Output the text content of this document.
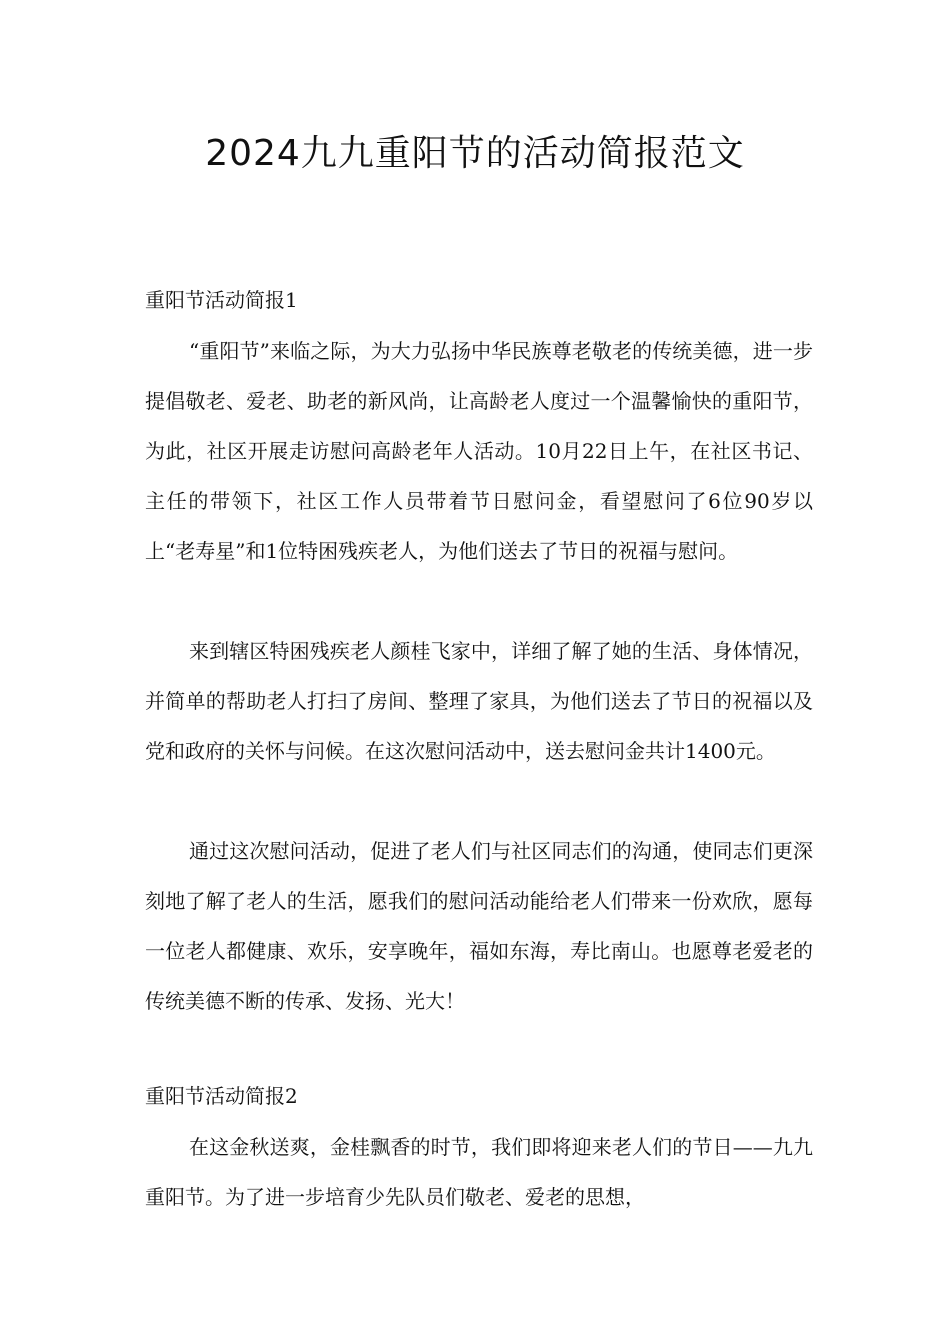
2024九九重阳节的活动简报范文
重阳节活动简报1

“重阳节”来临之际，为大力弘扬中华民族尊老敬老的传统美德，进一步提倡敬老、爱老、助老的新风尚，让高龄老人度过一个温馨愉快的重阳节，为此，社区开展走访慰问高龄老年人活动。10月22日上午，在社区书记、主任的带领下，社区工作人员带着节日慰问金，看望慰问了6位90岁以上“老寿星”和1位特困残疾老人，为他们送去了节日的祝福与慰问。

来到辖区特困残疾老人颜桂飞家中，详细了解了她的生活、身体情况，并简单的帮助老人打扫了房间、整理了家具，为他们送去了节日的祝福以及党和政府的关怀与问候。在这次慰问活动中，送去慰问金共计1400元。

通过这次慰问活动，促进了老人们与社区同志们的沟通，使同志们更深刻地了解了老人的生活，愿我们的慰问活动能给老人们带来一份欢欣，愿每一位老人都健康、欢乐，安享晚年，福如东海，寿比南山。也愿尊老爱老的传统美德不断的传承、发扬、光大！

重阳节活动简报2

在这金秋送爽，金桂飘香的时节，我们即将迎来老人们的节日——九九重阳节。为了进一步培育少先队员们敬老、爱老的思想，
